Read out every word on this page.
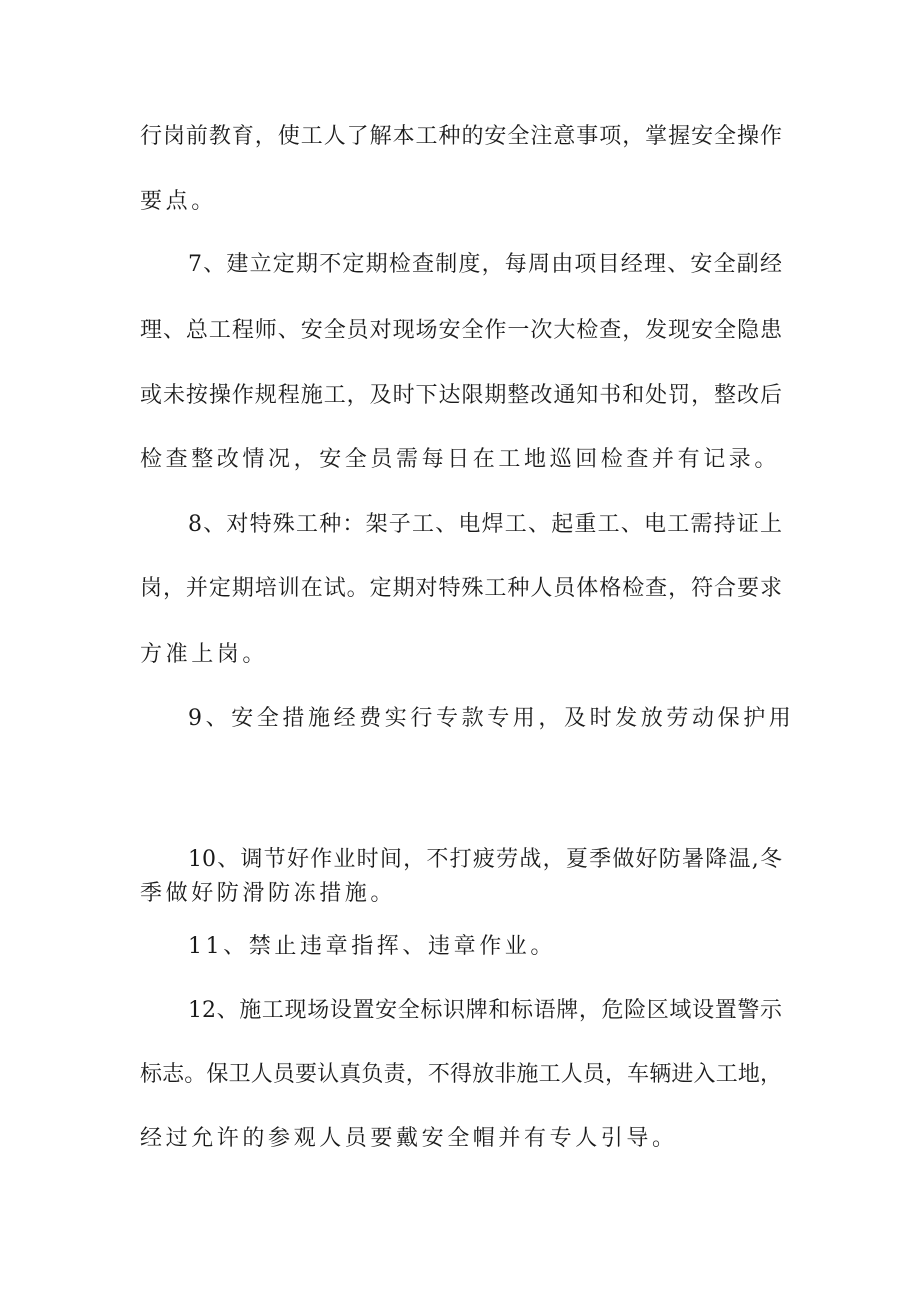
行岗前教育，使工人了解本工种的安全注意事项，掌握安全操作
要点。
7、建立定期不定期检查制度，每周由项目经理、安全副经
理、总工程师、安全员对现场安全作一次大检查，发现安全隐患
或未按操作规程施工，及时下达限期整改通知书和处罚，整改后
检查整改情况，安全员需每日在工地巡回检查并有记录。
8、对特殊工种：架子工、电焊工、起重工、电工需持证上
岗，并定期培训在试。定期对特殊工种人员体格检查，符合要求
方准上岗。
9、安全措施经费实行专款专用，及时发放劳动保护用
10、调节好作业时间，不打疲劳战，夏季做好防暑降温,冬
季做好防滑防冻措施。
11、禁止违章指挥、违章作业。
12、施工现场设置安全标识牌和标语牌，危险区域设置警示
标志。保卫人员要认真负责，不得放非施工人员，车辆进入工地，
经过允许的参观人员要戴安全帽并有专人引导。
